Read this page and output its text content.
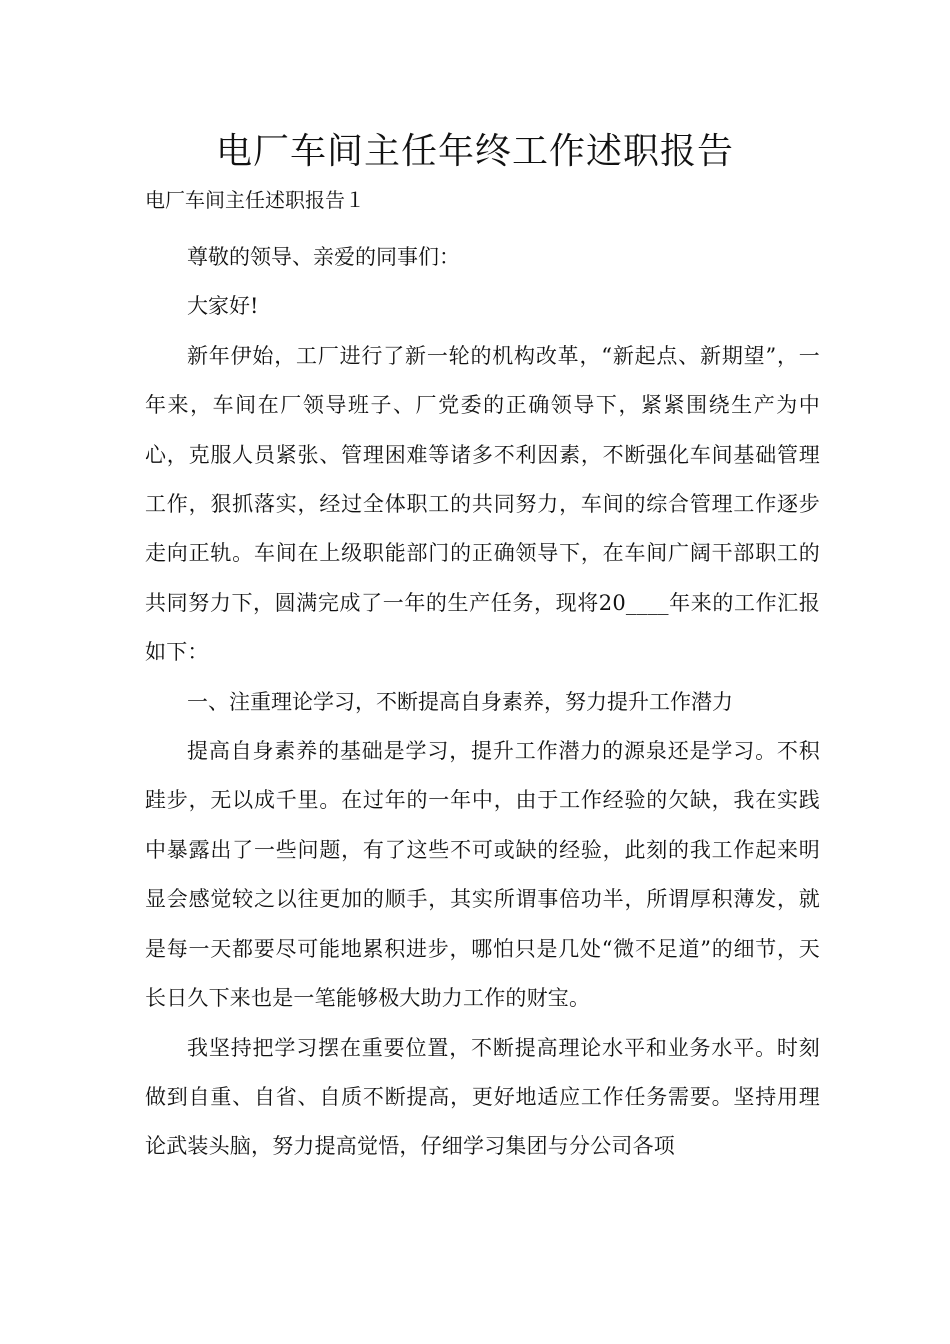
电厂车间主任年终工作述职报告

电厂车间主任述职报告１

尊敬的领导、亲爱的同事们：

大家好!

新年伊始，工厂进行了新一轮的机构改革，“新起点、新期望”，一年来，车间在厂领导班子、厂党委的正确领导下，紧紧围绕生产为中心，克服人员紧张、管理困难等诸多不利因素，不断强化车间基础管理工作，狠抓落实，经过全体职工的共同努力，车间的综合管理工作逐步走向正轨。车间在上级职能部门的正确领导下，在车间广阔干部职工的共同努力下，圆满完成了一年的生产任务，现将20____年来的工作汇报如下：

一、注重理论学习，不断提高自身素养，努力提升工作潜力

提高自身素养的基础是学习，提升工作潜力的源泉还是学习。不积跬步，无以成千里。在过年的一年中，由于工作经验的欠缺，我在实践中暴露出了一些问题，有了这些不可或缺的经验，此刻的我工作起来明显会感觉较之以往更加的顺手，其实所谓事倍功半，所谓厚积薄发，就是每一天都要尽可能地累积进步，哪怕只是几处“微不足道”的细节，天长日久下来也是一笔能够极大助力工作的财宝。

我坚持把学习摆在重要位置，不断提高理论水平和业务水平。时刻做到自重、自省、自质不断提高，更好地适应工作任务需要。坚持用理论武装头脑，努力提高觉悟，仔细学习集团与分公司各项
